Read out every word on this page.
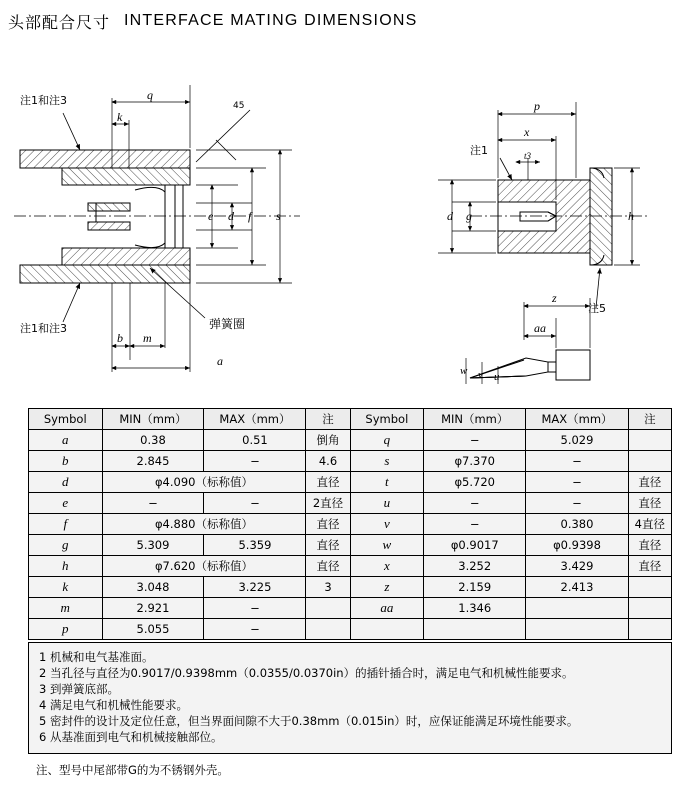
头部配合尺寸 INTERFACE MATING DIMENSIONS
注1和注3
注1和注3	弹簧圈
45
注1
注5
q
k
e d f s
b m
a
p
x
t3
g
d	h
z
aa
w v u
Symbol	MIN（mm）	MAX（mm）	注	Symbol	MIN（mm）	MAX（mm）	注
a	0.38	0.51	倒角	q	−	5.029	
b	2.845	−	4.6	s	φ7.370	−	
d	φ4.090（标称值）		直径	t	φ5.720	−	直径
e	−	−	2直径	u	−	−	直径
f	φ4.880（标称值）		直径	v	−	0.380	4直径
g	5.309	5.359	直径	w	φ0.9017	φ0.9398	直径
h	φ7.620（标称值）		直径	x	3.252	3.429	直径
k	3.048	3.225	3	z	2.159	2.413	
m	2.921	−		aa	1.346		
p	5.055	−					
1 机械和电气基准面。
2 当孔径与直径为0.9017/0.9398mm（0.0355/0.0370in）的插针插合时，满足电气和机械性能要求。
3 到弹簧底部。
4 满足电气和机械性能要求。
5 密封件的设计及定位任意，但当界面间隙不大于0.38mm（0.015in）时，应保证能满足环境性能要求。
6 从基准面到电气和机械接触部位。
注、型号中尾部带G的为不锈钢外壳。
